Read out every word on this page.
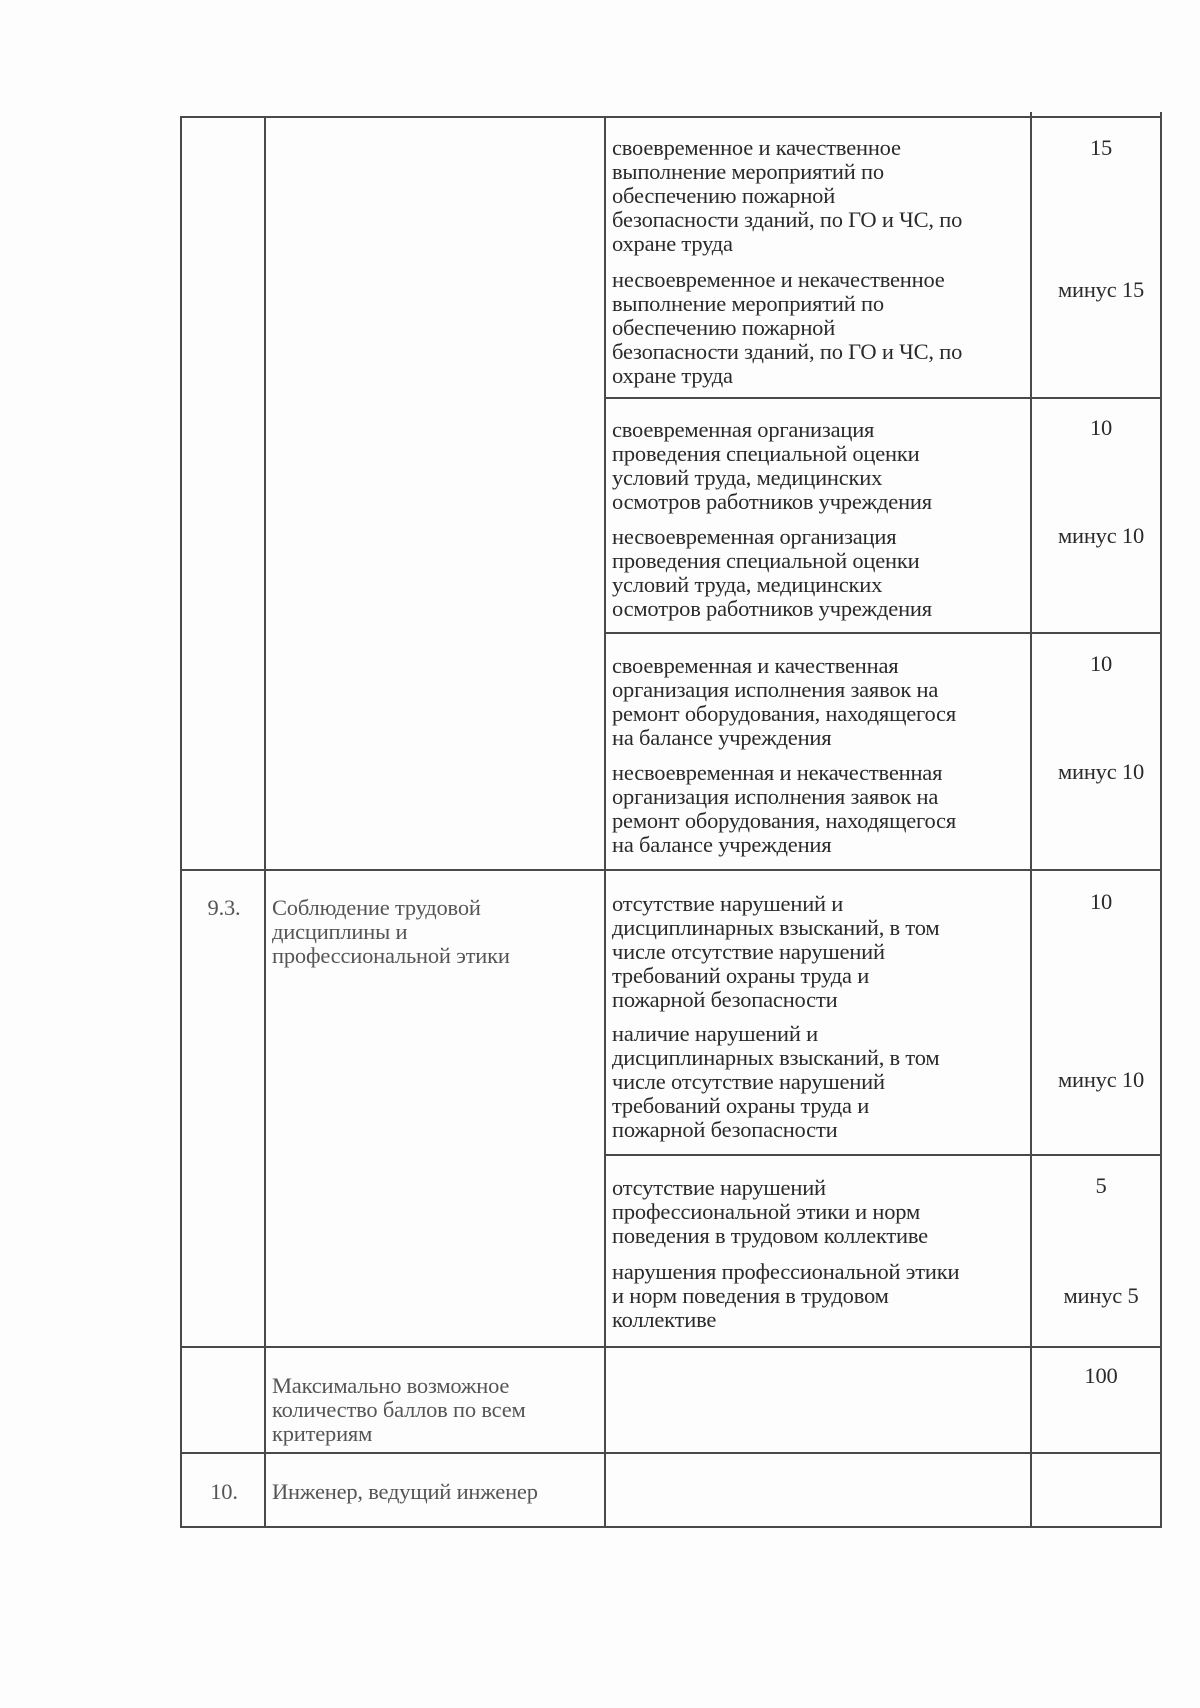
своевременное и качественное
выполнение мероприятий по
обеспечению пожарной
безопасности зданий, по ГО и ЧС, по
охране труда
15
несвоевременное и некачественное
выполнение мероприятий по
обеспечению пожарной
безопасности зданий, по ГО и ЧС, по
охране труда
минус 15
своевременная организация
проведения специальной оценки
условий труда, медицинских
осмотров работников учреждения
10
несвоевременная организация
проведения специальной оценки
условий труда, медицинских
осмотров работников учреждения
минус 10
своевременная и качественная
организация исполнения заявок на
ремонт оборудования, находящегося
на балансе учреждения
10
несвоевременная и некачественная
организация исполнения заявок на
ремонт оборудования, находящегося
на балансе учреждения
минус 10
9.3.	Соблюдение трудовой
дисциплины и
профессиональной этики
отсутствие нарушений и
дисциплинарных взысканий, в том
числе отсутствие нарушений
требований охраны труда и
пожарной безопасности
10
наличие нарушений и
дисциплинарных взысканий, в том
числе отсутствие нарушений
требований охраны труда и
пожарной безопасности
минус 10
отсутствие нарушений
профессиональной этики и норм
поведения в трудовом коллективе
5
нарушения профессиональной этики
и норм поведения в трудовом
коллективе
минус 5
Максимально возможное
количество баллов по всем
критериям
100
10.	Инженер, ведущий инженер
